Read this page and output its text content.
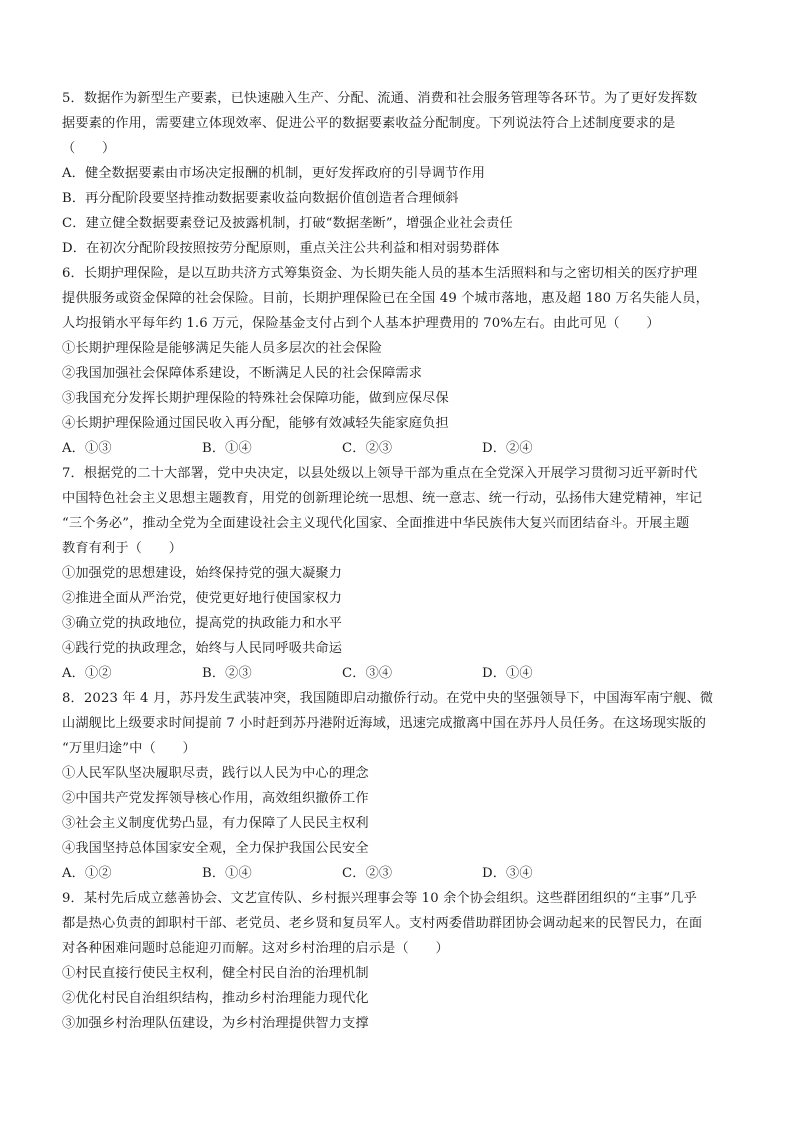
5．数据作为新型生产要素，已快速融入生产、分配、流通、消费和社会服务管理等各环节。为了更好发挥数
据要素的作用，需要建立体现效率、促进公平的数据要素收益分配制度。下列说法符合上述制度要求的是
（　　）
A．健全数据要素由市场决定报酬的机制，更好发挥政府的引导调节作用
B．再分配阶段要坚持推动数据要素收益向数据价值创造者合理倾斜
C．建立健全数据要素登记及披露机制，打破“数据垄断”，增强企业社会责任
D．在初次分配阶段按照按劳分配原则，重点关注公共利益和相对弱势群体
6．长期护理保险，是以互助共济方式筹集资金、为长期失能人员的基本生活照料和与之密切相关的医疗护理
提供服务或资金保障的社会保险。目前，长期护理保险已在全国 49 个城市落地，惠及超 180 万名失能人员，
人均报销水平每年约 1.6 万元，保险基金支付占到个人基本护理费用的 70%左右。由此可见（　　）
①长期护理保险是能够满足失能人员多层次的社会保险
②我国加强社会保障体系建设，不断满足人民的社会保障需求
③我国充分发挥长期护理保险的特殊社会保障功能，做到应保尽保
④长期护理保险通过国民收入再分配，能够有效减轻失能家庭负担
A．①③	B．①④	C．②③	D．②④
7．根据党的二十大部署，党中央决定，以县处级以上领导干部为重点在全党深入开展学习贯彻习近平新时代
中国特色社会主义思想主题教育，用党的创新理论统一思想、统一意志、统一行动，弘扬伟大建党精神，牢记
“三个务必”，推动全党为全面建设社会主义现代化国家、全面推进中华民族伟大复兴而团结奋斗。开展主题
教育有利于（　　）
①加强党的思想建设，始终保持党的强大凝聚力
②推进全面从严治党，使党更好地行使国家权力
③确立党的执政地位，提高党的执政能力和水平
④践行党的执政理念，始终与人民同呼吸共命运
A．①②	B．②③	C．③④	D．①④
8．2023 年 4 月，苏丹发生武装冲突，我国随即启动撤侨行动。在党中央的坚强领导下，中国海军南宁舰、微
山湖舰比上级要求时间提前 7 小时赶到苏丹港附近海域，迅速完成撤离中国在苏丹人员任务。在这场现实版的
“万里归途”中（　　）
①人民军队坚决履职尽责，践行以人民为中心的理念
②中国共产党发挥领导核心作用，高效组织撤侨工作
③社会主义制度优势凸显，有力保障了人民民主权利
④我国坚持总体国家安全观，全力保护我国公民安全
A．①②	B．①④	C．②③	D．③④
9．某村先后成立慈善协会、文艺宣传队、乡村振兴理事会等 10 余个协会组织。这些群团组织的“主事”几乎
都是热心负责的卸职村干部、老党员、老乡贤和复员军人。支村两委借助群团协会调动起来的民智民力，在面
对各种困难问题时总能迎刃而解。这对乡村治理的启示是（　　）
①村民直接行使民主权利，健全村民自治的治理机制
②优化村民自治组织结构，推动乡村治理能力现代化
③加强乡村治理队伍建设，为乡村治理提供智力支撑
